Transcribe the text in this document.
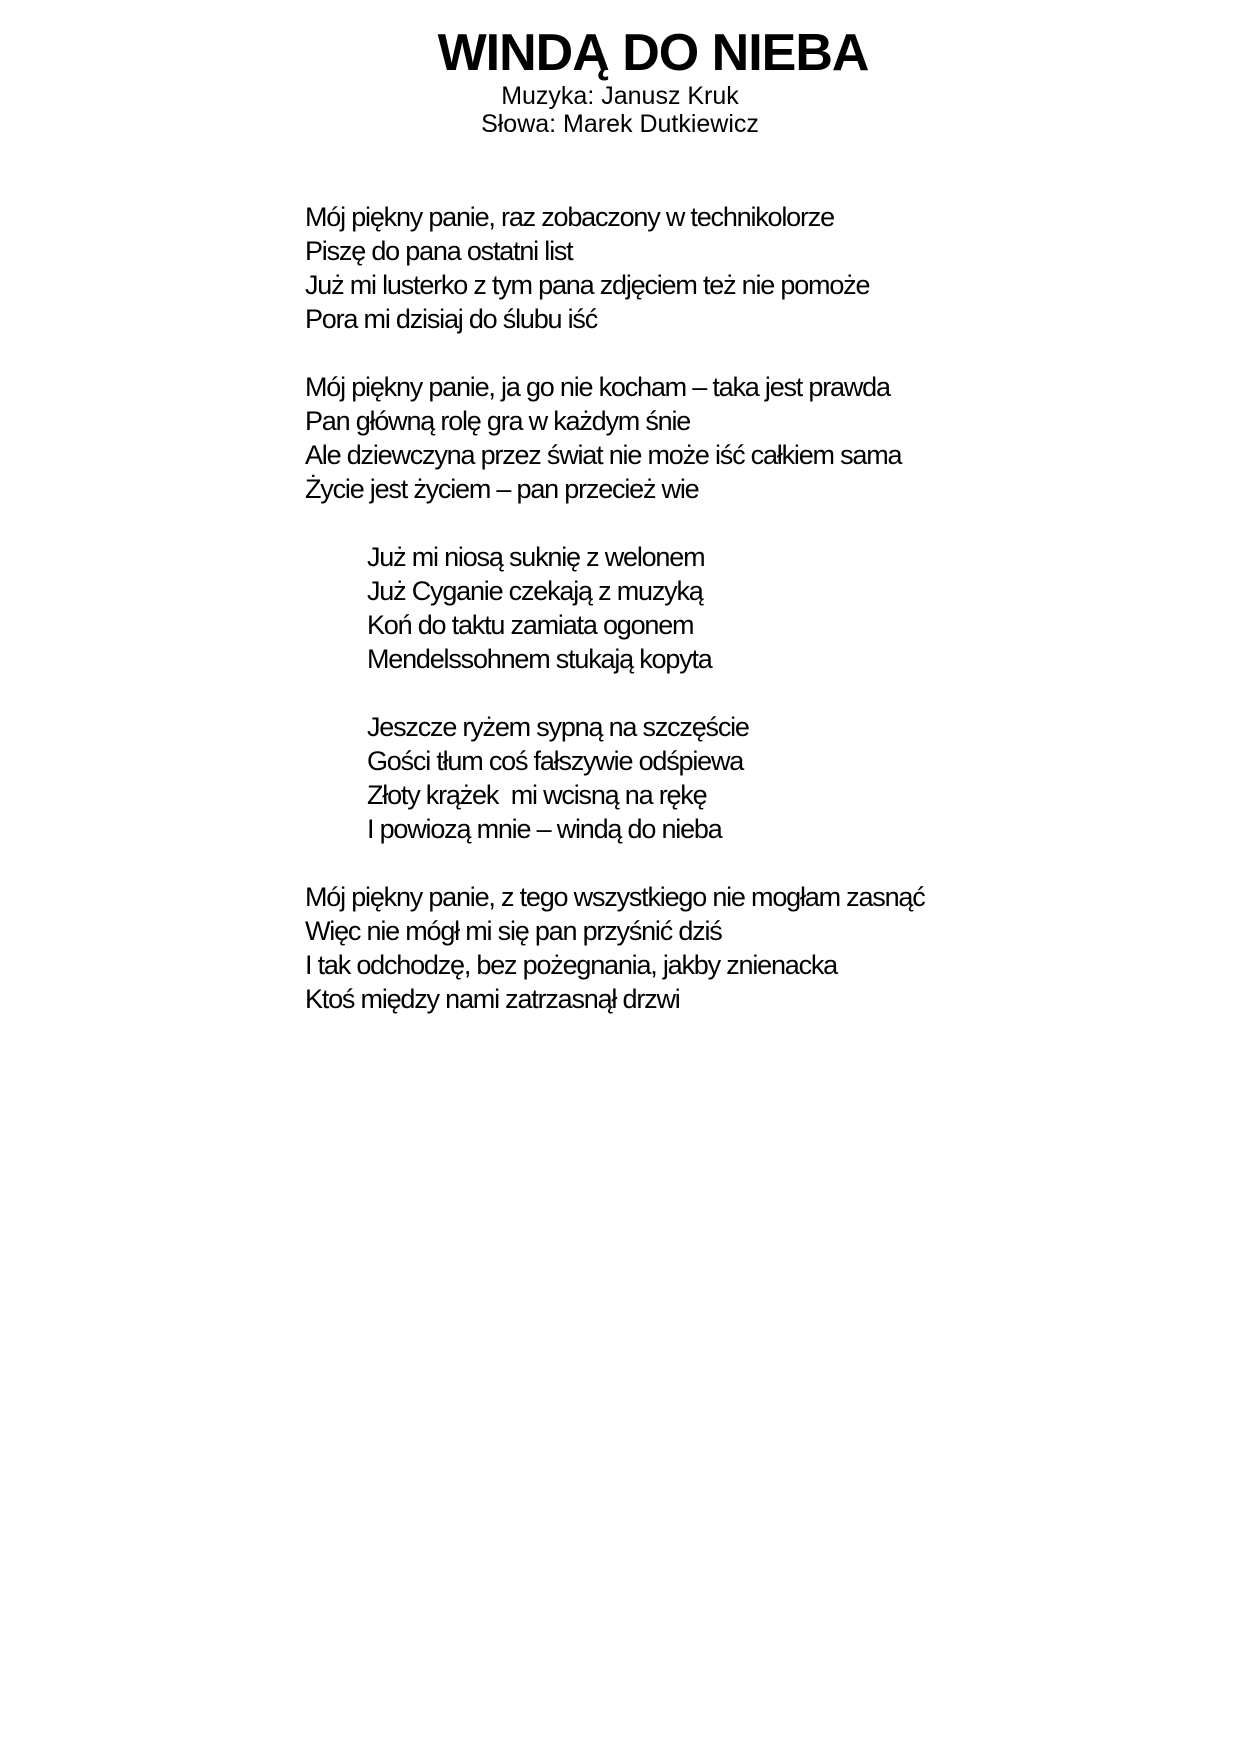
WINDĄ DO NIEBA
Muzyka: Janusz Kruk
Słowa: Marek Dutkiewicz
Mój piękny panie, raz zobaczony w technikolorze
Piszę do pana ostatni list
Już mi lusterko z tym pana zdjęciem też nie pomoże
Pora mi dzisiaj do ślubu iść
Mój piękny panie, ja go nie kocham – taka jest prawda
Pan główną rolę gra w każdym śnie
Ale dziewczyna przez świat nie może iść całkiem sama
Życie jest życiem – pan przecież wie
Już mi niosą suknię z welonem
Już Cyganie czekają z muzyką
Koń do taktu zamiata ogonem
Mendelssohnem stukają kopyta
Jeszcze ryżem sypną na szczęście
Gości tłum coś fałszywie odśpiewa
Złoty krążek  mi wcisną na rękę
I powiozą mnie – windą do nieba
Mój piękny panie, z tego wszystkiego nie mogłam zasnąć
Więc nie mógł mi się pan przyśnić dziś
I tak odchodzę, bez pożegnania, jakby znienacka
Ktoś między nami zatrzasnął drzwi
